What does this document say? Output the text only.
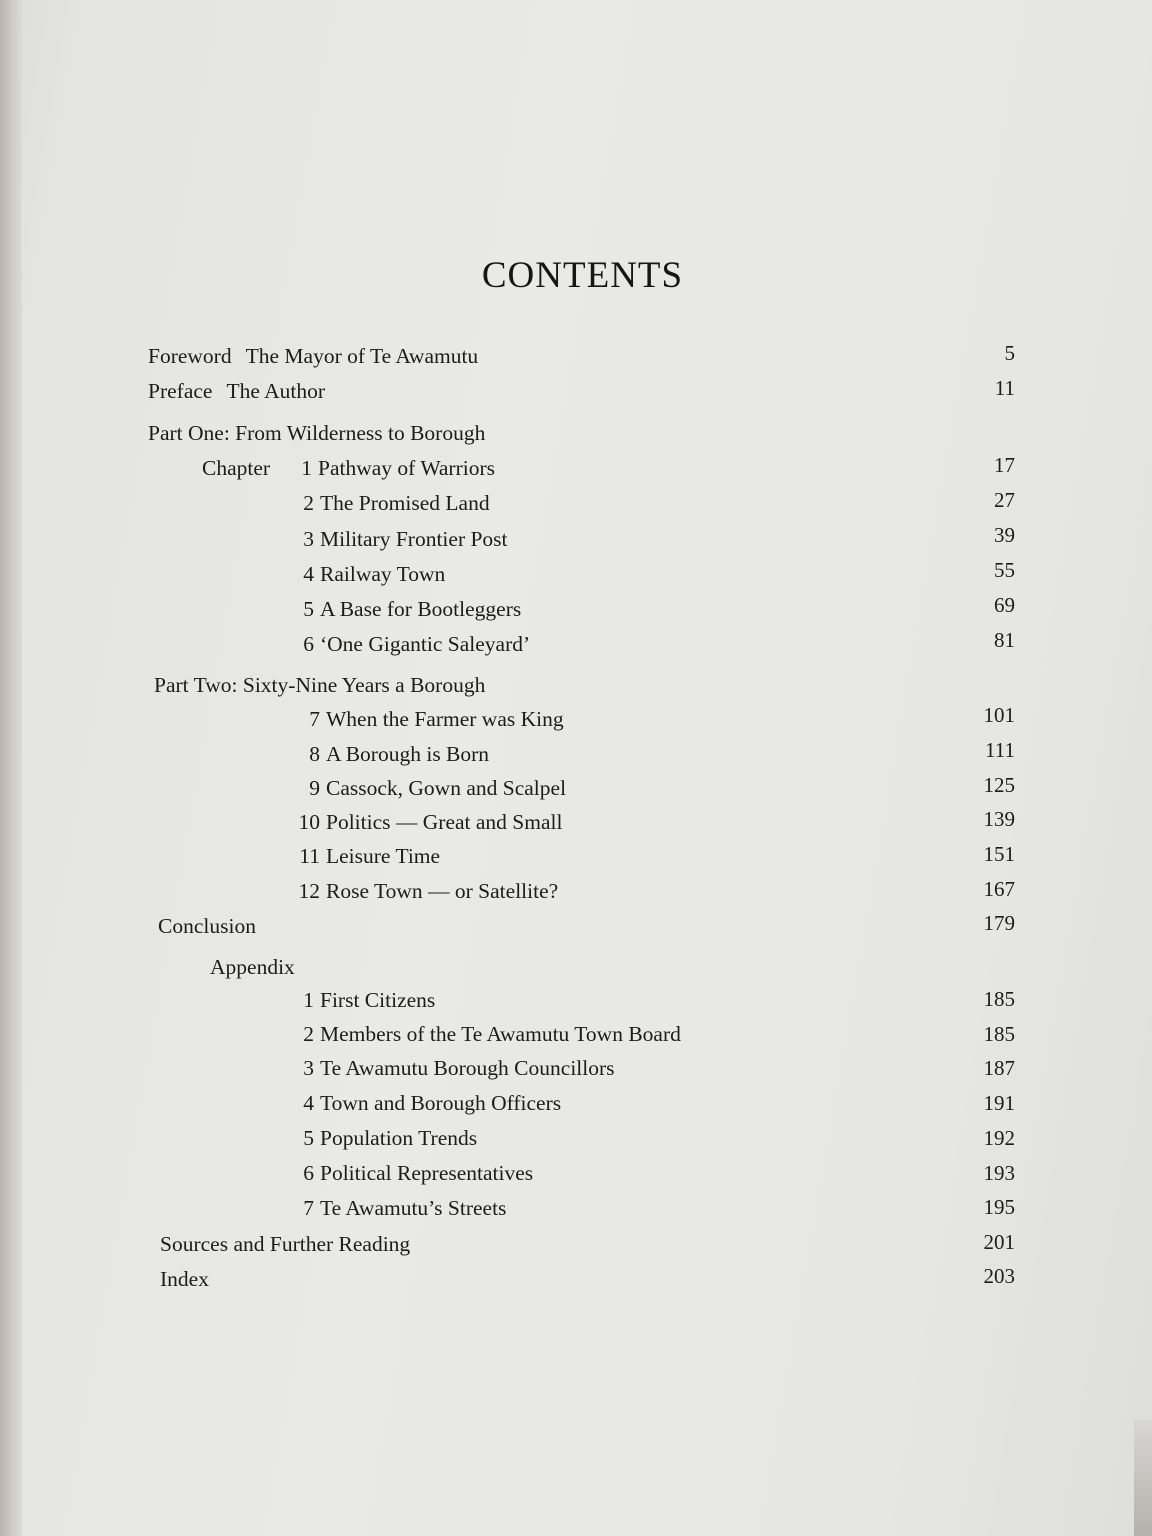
CONTENTS
Foreword The Mayor of Te Awamutu	5
Preface The Author	11
Part One: From Wilderness to Borough
Chapter	1 Pathway of Warriors	17
2 The Promised Land	27
3 Military Frontier Post	39
4 Railway Town	55
5 A Base for Bootleggers	69
6 ‘One Gigantic Saleyard’	81
Part Two: Sixty-Nine Years a Borough
7 When the Farmer was King	101
8 A Borough is Born	111
9 Cassock, Gown and Scalpel	125
10 Politics — Great and Small	139
11 Leisure Time	151
12 Rose Town — or Satellite?	167
Conclusion	179
Appendix
1 First Citizens	185
2 Members of the Te Awamutu Town Board	185
3 Te Awamutu Borough Councillors	187
4 Town and Borough Officers	191
5 Population Trends	192
6 Political Representatives	193
7 Te Awamutu’s Streets	195
Sources and Further Reading	201
Index	203
